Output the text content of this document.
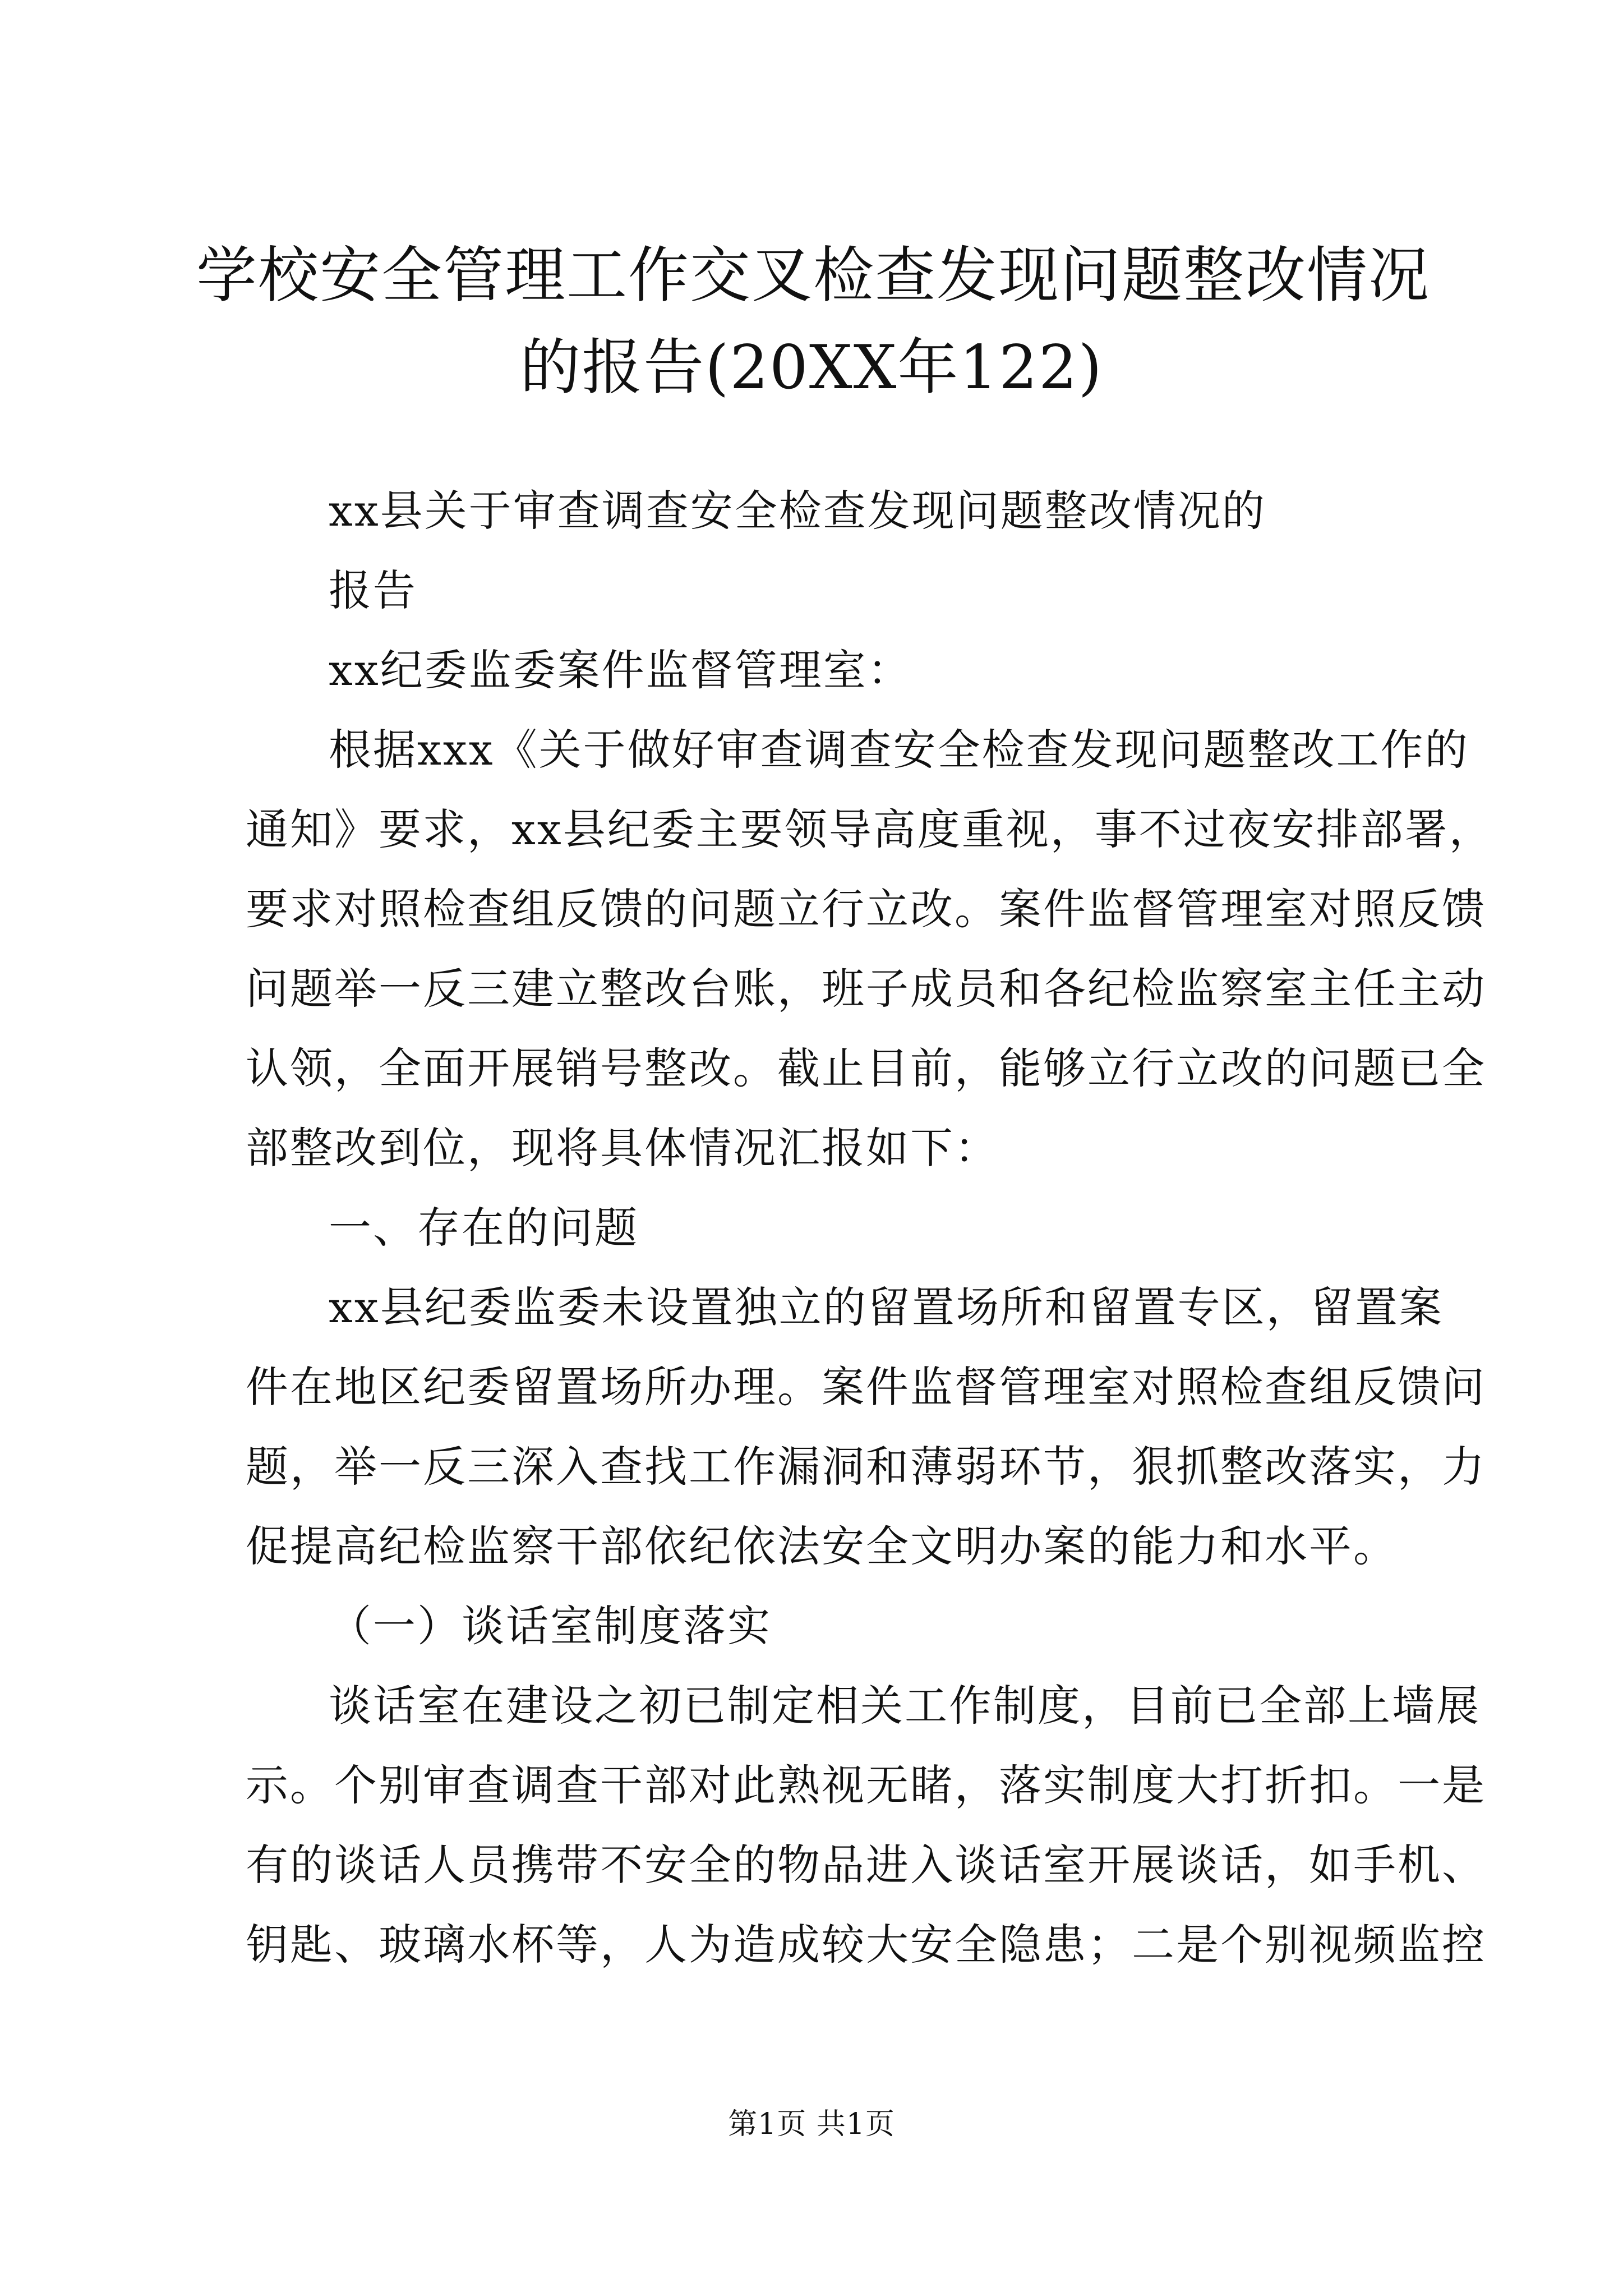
学校安全管理工作交叉检查发现问题整改情况
的报告(20XX年122)
xx县关于审查调查安全检查发现问题整改情况的
报告
xx纪委监委案件监督管理室：
根据xxx《关于做好审查调查安全检查发现问题整改工作的
通知》要求，xx县纪委主要领导高度重视，事不过夜安排部署，
要求对照检查组反馈的问题立行立改。案件监督管理室对照反馈
问题举一反三建立整改台账，班子成员和各纪检监察室主任主动
认领，全面开展销号整改。截止目前，能够立行立改的问题已全
部整改到位，现将具体情况汇报如下：
一、存在的问题
xx县纪委监委未设置独立的留置场所和留置专区，留置案
件在地区纪委留置场所办理。案件监督管理室对照检查组反馈问
题，举一反三深入查找工作漏洞和薄弱环节，狠抓整改落实，力
促提高纪检监察干部依纪依法安全文明办案的能力和水平。
（一）谈话室制度落实
谈话室在建设之初已制定相关工作制度，目前已全部上墙展
示。个别审查调查干部对此熟视无睹，落实制度大打折扣。一是
有的谈话人员携带不安全的物品进入谈话室开展谈话，如手机、
钥匙、玻璃水杯等，人为造成较大安全隐患；二是个别视频监控
第1页 共1页
